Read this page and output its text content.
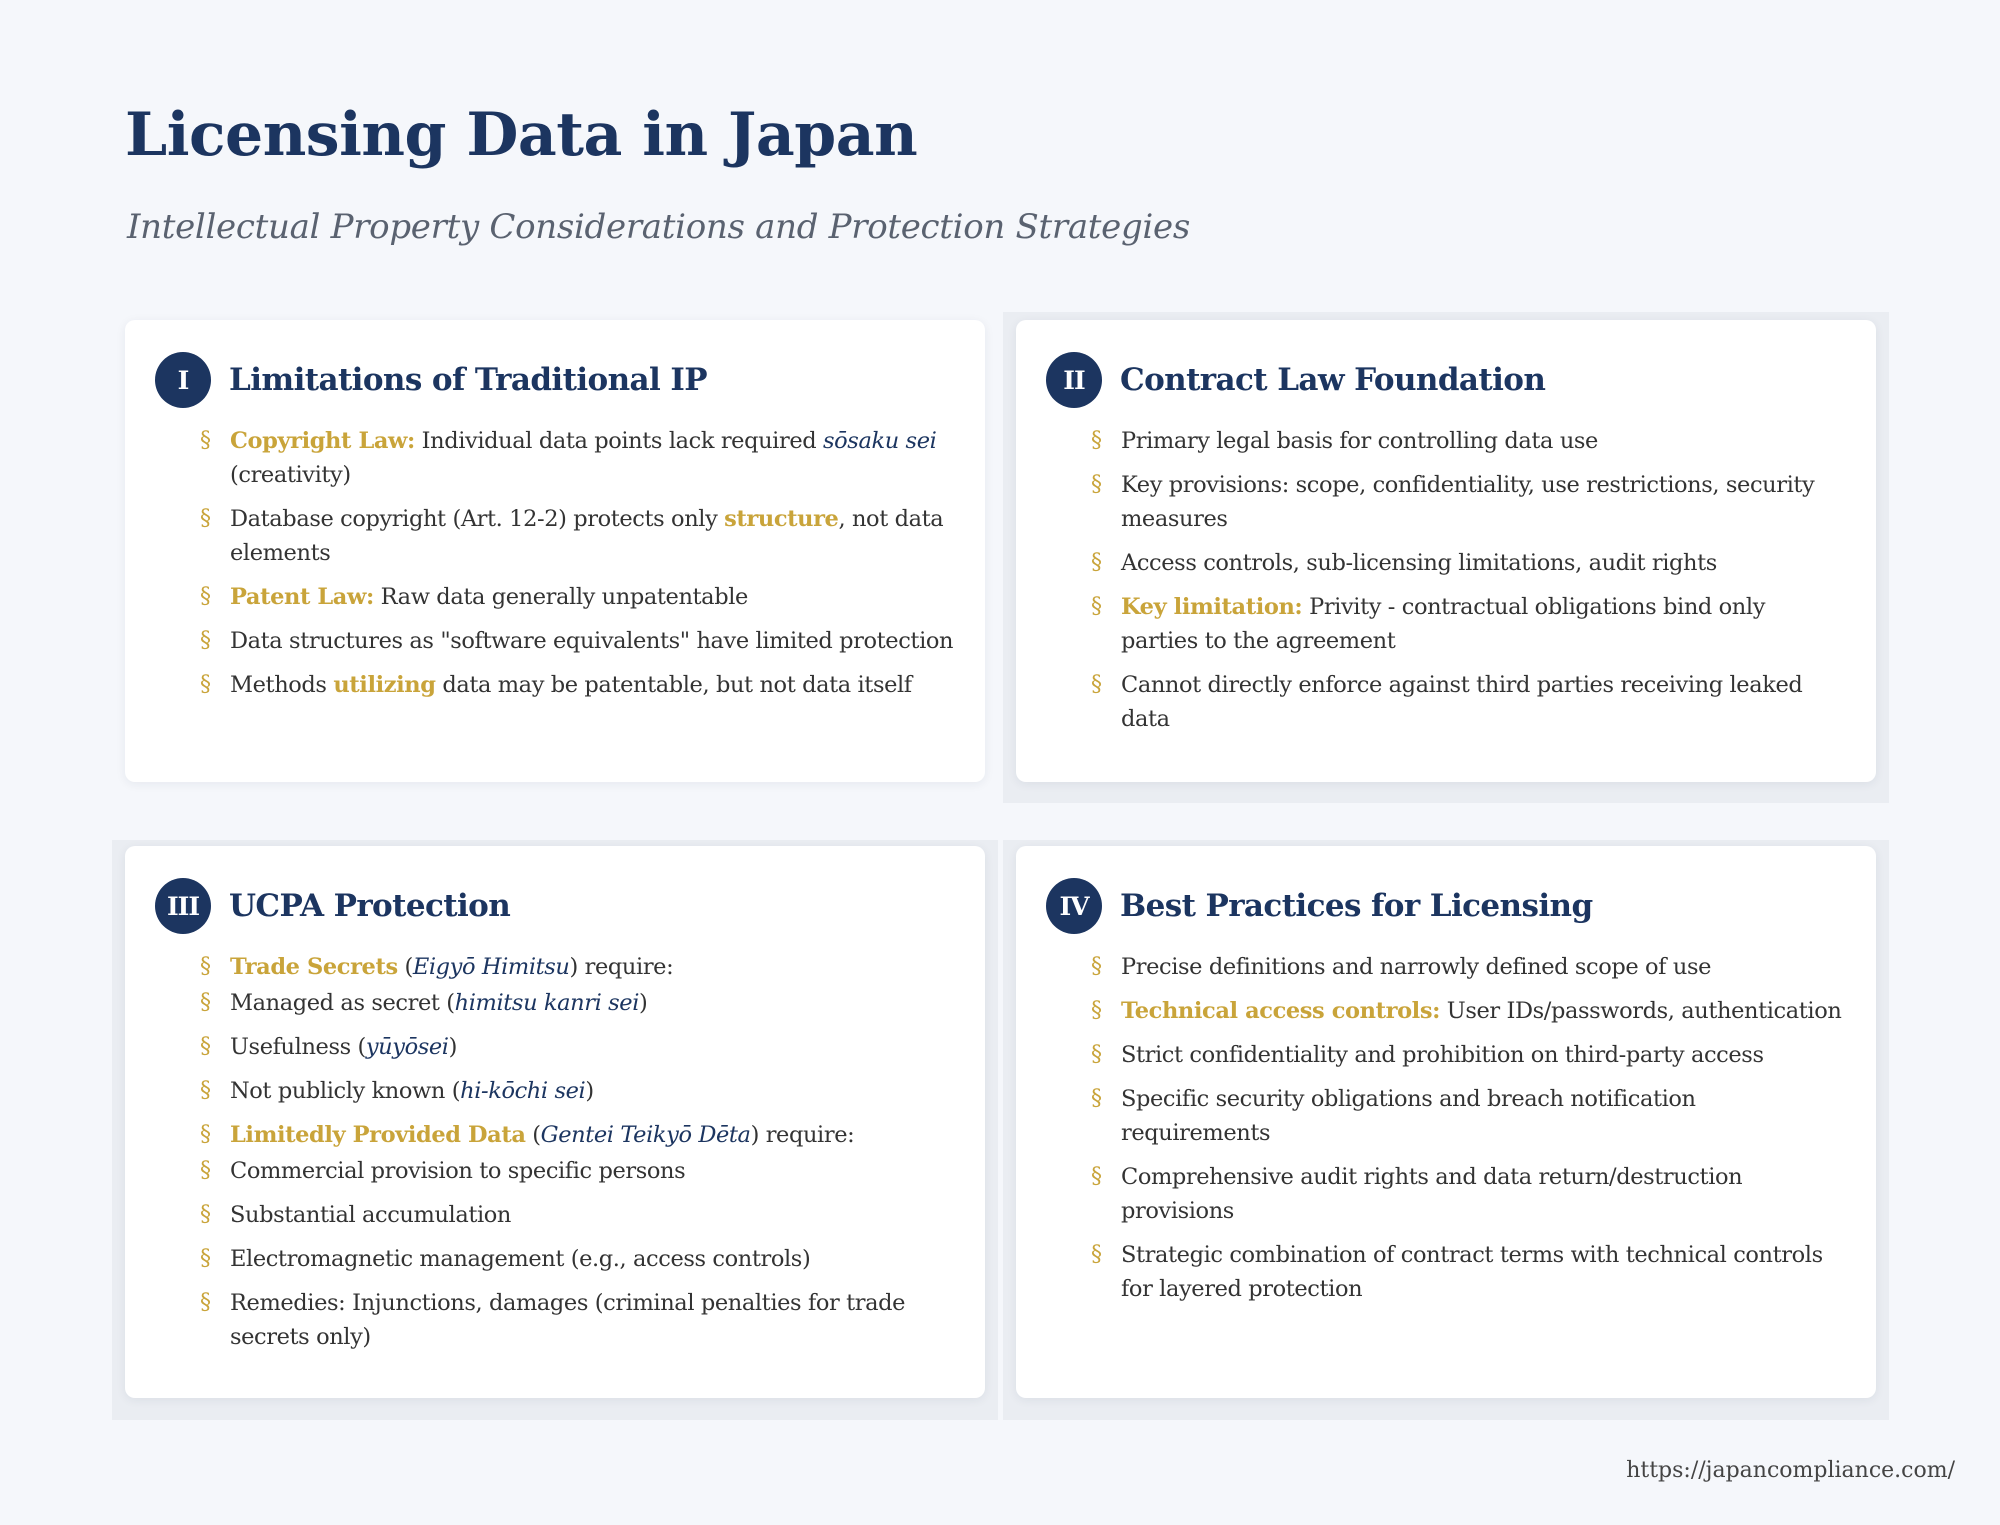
Licensing Data in Japan
Intellectual Property Considerations and Protection Strategies
I	Limitations of Traditional IP
§ Copyright Law: Individual data points lack required sōsaku sei (creativity)
§ Database copyright (Art. 12-2) protects only structure, not data elements
§ Patent Law: Raw data generally unpatentable
§ Data structures as "software equivalents" have limited protection
§ Methods utilizing data may be patentable, but not data itself
II	Contract Law Foundation
§ Primary legal basis for controlling data use
§ Key provisions: scope, confidentiality, use restrictions, security measures
§ Access controls, sub-licensing limitations, audit rights
§ Key limitation: Privity - contractual obligations bind only parties to the agreement
§ Cannot directly enforce against third parties receiving leaked data
III UCPA Protection
§ Trade Secrets (Eigyō Himitsu) require:
§ Managed as secret (himitsu kanri sei)
§ Usefulness (yūyōsei)
§ Not publicly known (hi-kōchi sei)
§ Limitedly Provided Data (Gentei Teikyō Dēta) require:
§ Commercial provision to specific persons
§ Substantial accumulation
§ Electromagnetic management (e.g., access controls)
§ Remedies: Injunctions, damages (criminal penalties for trade secrets only)
IV	Best Practices for Licensing
§ Precise definitions and narrowly defined scope of use
§ Technical access controls: User IDs/passwords, authentication
§ Strict confidentiality and prohibition on third-party access
§ Specific security obligations and breach notification requirements
§ Comprehensive audit rights and data return/destruction provisions
§ Strategic combination of contract terms with technical controls for layered protection
https://japancompliance.com/
